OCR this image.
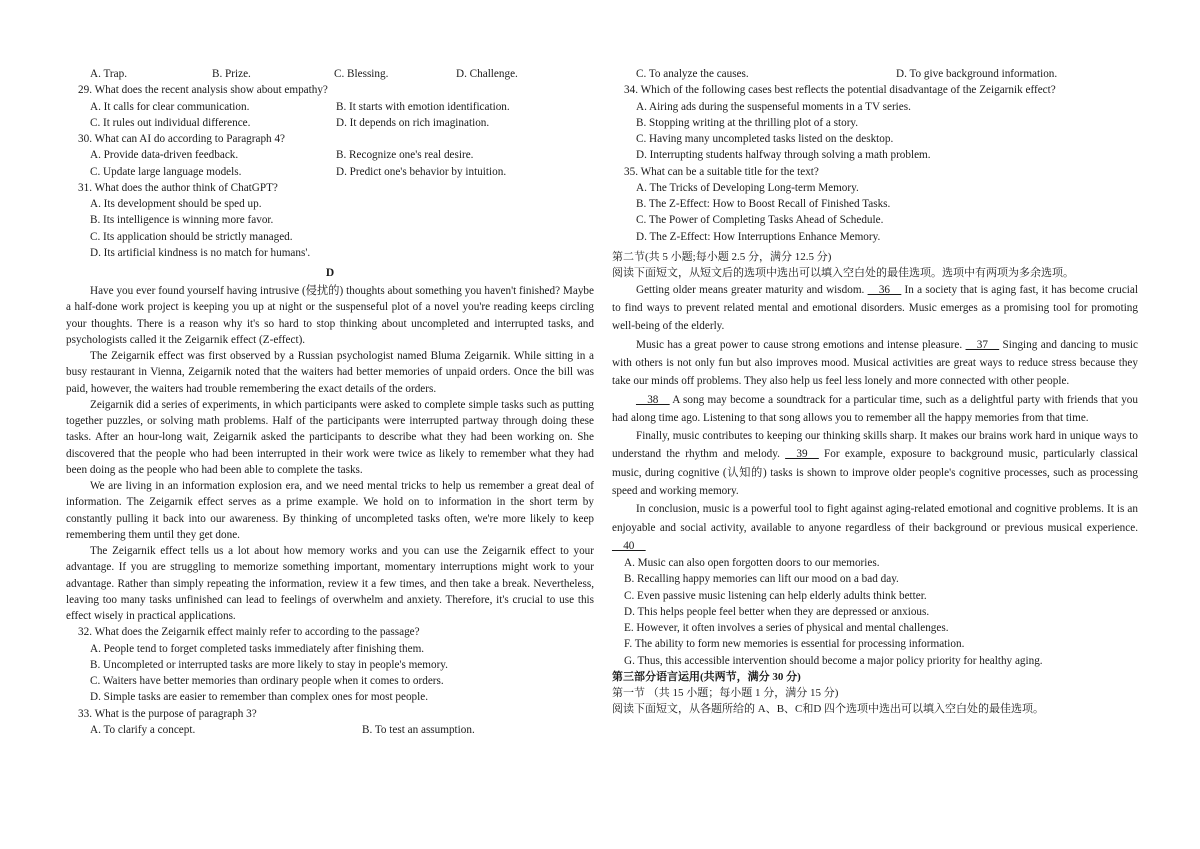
A. Trap.	B. Prize.	C. Blessing.	D. Challenge.
29. What does the recent analysis show about empathy?
A. It calls for clear communication.	B. It starts with emotion identification.
C. It rules out individual difference.	D. It depends on rich imagination.
30. What can AI do according to Paragraph 4?
A. Provide data-driven feedback.	B. Recognize one's real desire.
C. Update large language models.	D. Predict one's behavior by intuition.
31. What does the author think of ChatGPT?
A. Its development should be sped up.
B. Its intelligence is winning more favor.
C. Its application should be strictly managed.
D. Its artificial kindness is no match for humans'.
D

Have you ever found yourself having intrusive (侵扰的) thoughts about something you haven't finished? Maybe a half-done work project is keeping you up at night or the suspenseful plot of a novel you're reading keeps circling your thoughts. There is a reason why it's so hard to stop thinking about uncompleted and interrupted tasks, and psychologists called it the Zeigarnik effect (Z-effect).

The Zeigarnik effect was first observed by a Russian psychologist named Bluma Zeigarnik. While sitting in a busy restaurant in Vienna, Zeigarnik noted that the waiters had better memories of unpaid orders. Once the bill was paid, however, the waiters had trouble remembering the exact details of the orders.

Zeigarnik did a series of experiments, in which participants were asked to complete simple tasks such as putting together puzzles, or solving math problems. Half of the participants were interrupted partway through doing these tasks. After an hour-long wait, Zeigarnik asked the participants to describe what they had been working on. She discovered that the people who had been interrupted in their work were twice as likely to remember what they had been doing as the people who had been able to complete the tasks.

We are living in an information explosion era, and we need mental tricks to help us remember a great deal of information. The Zeigarnik effect serves as a prime example. We hold on to information in the short term by constantly pulling it back into our awareness. By thinking of uncompleted tasks often, we're more likely to keep remembering them until they get done.

The Zeigarnik effect tells us a lot about how memory works and you can use the Zeigarnik effect to your advantage. If you are struggling to memorize something important, momentary interruptions might work to your advantage. Rather than simply repeating the information, review it a few times, and then take a break. Nevertheless, leaving too many tasks unfinished can lead to feelings of overwhelm and anxiety. Therefore, it's crucial to use this effect wisely in practical applications.

32. What does the Zeigarnik effect mainly refer to according to the passage?
A. People tend to forget completed tasks immediately after finishing them.
B. Uncompleted or interrupted tasks are more likely to stay in people's memory.
C. Waiters have better memories than ordinary people when it comes to orders.
D. Simple tasks are easier to remember than complex ones for most people.
33. What is the purpose of paragraph 3?
A. To clarify a concept.	B. To test an assumption.
C. To analyze the causes.	D. To give background information.
34. Which of the following cases best reflects the potential disadvantage of the Zeigarnik effect?
A. Airing ads during the suspenseful moments in a TV series.
B. Stopping writing at the thrilling plot of a story.
C. Having many uncompleted tasks listed on the desktop.
D. Interrupting students halfway through solving a math problem.
35. What can be a suitable title for the text?
A. The Tricks of Developing Long-term Memory.
B. The Z-Effect: How to Boost Recall of Finished Tasks.
C. The Power of Completing Tasks Ahead of Schedule.
D. The Z-Effect: How Interruptions Enhance Memory.
第二节(共 5 小题;每小题 2.5 分，满分 12.5 分)
阅读下面短文，从短文后的选项中选出可以填入空白处的最佳选项。选项中有两项为多余选项。

Getting older means greater maturity and wisdom. __36__ In a society that is aging fast, it has become crucial to find ways to prevent related mental and emotional disorders. Music emerges as a promising tool for promoting well-being of the elderly.

Music has a great power to cause strong emotions and intense pleasure. __37__ Singing and dancing to music with others is not only fun but also improves mood. Musical activities are great ways to reduce stress because they take our minds off problems. They also help us feel less lonely and more connected with other people.

__38__ A song may become a soundtrack for a particular time, such as a delightful party with friends that you had along time ago. Listening to that song allows you to remember all the happy memories from that time.

Finally, music contributes to keeping our thinking skills sharp. It makes our brains work hard in unique ways to understand the rhythm and melody. __39__ For example, exposure to background music, particularly classical music, during cognitive (认知的) tasks is shown to improve older people's cognitive processes, such as processing speed and working memory.

In conclusion, music is a powerful tool to fight against aging-related emotional and cognitive problems. It is an enjoyable and social activity, available to anyone regardless of their background or previous musical experience. __40__

A. Music can also open forgotten doors to our memories.
B. Recalling happy memories can lift our mood on a bad day.
C. Even passive music listening can help elderly adults think better.
D. This helps people feel better when they are depressed or anxious.
E. However, it often involves a series of physical and mental challenges.
F. The ability to form new memories is essential for processing information.
G. Thus, this accessible intervention should become a major policy priority for healthy aging.
第三部分语言运用(共两节，满分 30 分)
第一节 （共 15 小题；每小题 1 分，满分 15 分)
阅读下面短文，从各题所给的 A、B、C和D 四个选项中选出可以填入空白处的最佳选项。
